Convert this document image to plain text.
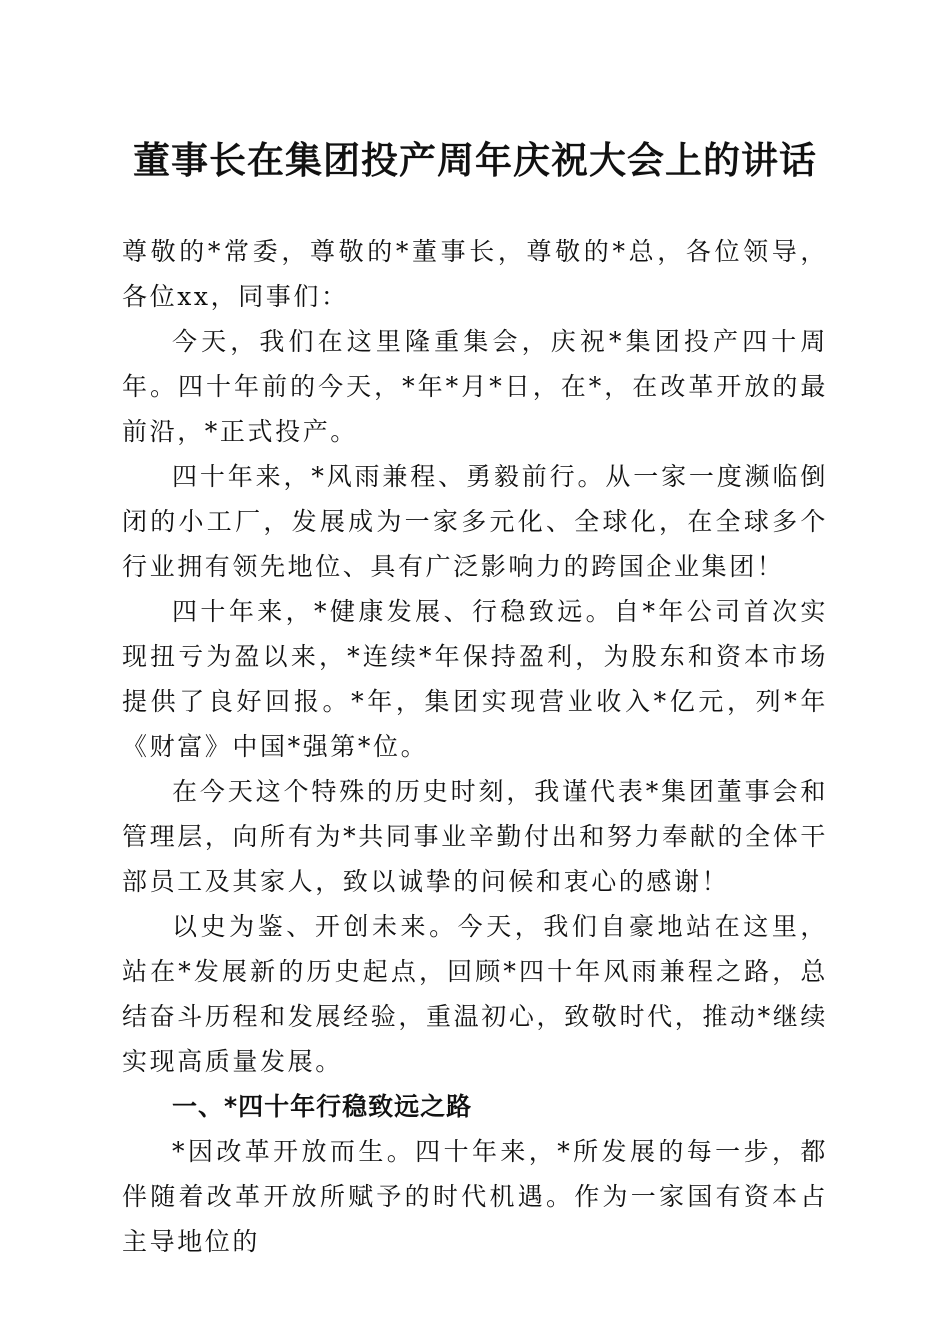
董事长在集团投产周年庆祝大会上的讲话

尊敬的*常委，尊敬的*董事长，尊敬的*总，各位领导，各位xx，同事们：

今天，我们在这里隆重集会，庆祝*集团投产四十周年。四十年前的今天，*年*月*日，在*，在改革开放的最前沿，*正式投产。

四十年来，*风雨兼程、勇毅前行。从一家一度濒临倒闭的小工厂，发展成为一家多元化、全球化，在全球多个行业拥有领先地位、具有广泛影响力的跨国企业集团！

四十年来，*健康发展、行稳致远。自*年公司首次实现扭亏为盈以来，*连续*年保持盈利，为股东和资本市场提供了良好回报。*年，集团实现营业收入*亿元，列*年《财富》中国*强第*位。

在今天这个特殊的历史时刻，我谨代表*集团董事会和管理层，向所有为*共同事业辛勤付出和努力奉献的全体干部员工及其家人，致以诚挚的问候和衷心的感谢！

以史为鉴、开创未来。今天，我们自豪地站在这里，站在*发展新的历史起点，回顾*四十年风雨兼程之路，总结奋斗历程和发展经验，重温初心，致敬时代，推动*继续实现高质量发展。

一、*四十年行稳致远之路

*因改革开放而生。四十年来，*所发展的每一步，都伴随着改革开放所赋予的时代机遇。作为一家国有资本占主导地位的
